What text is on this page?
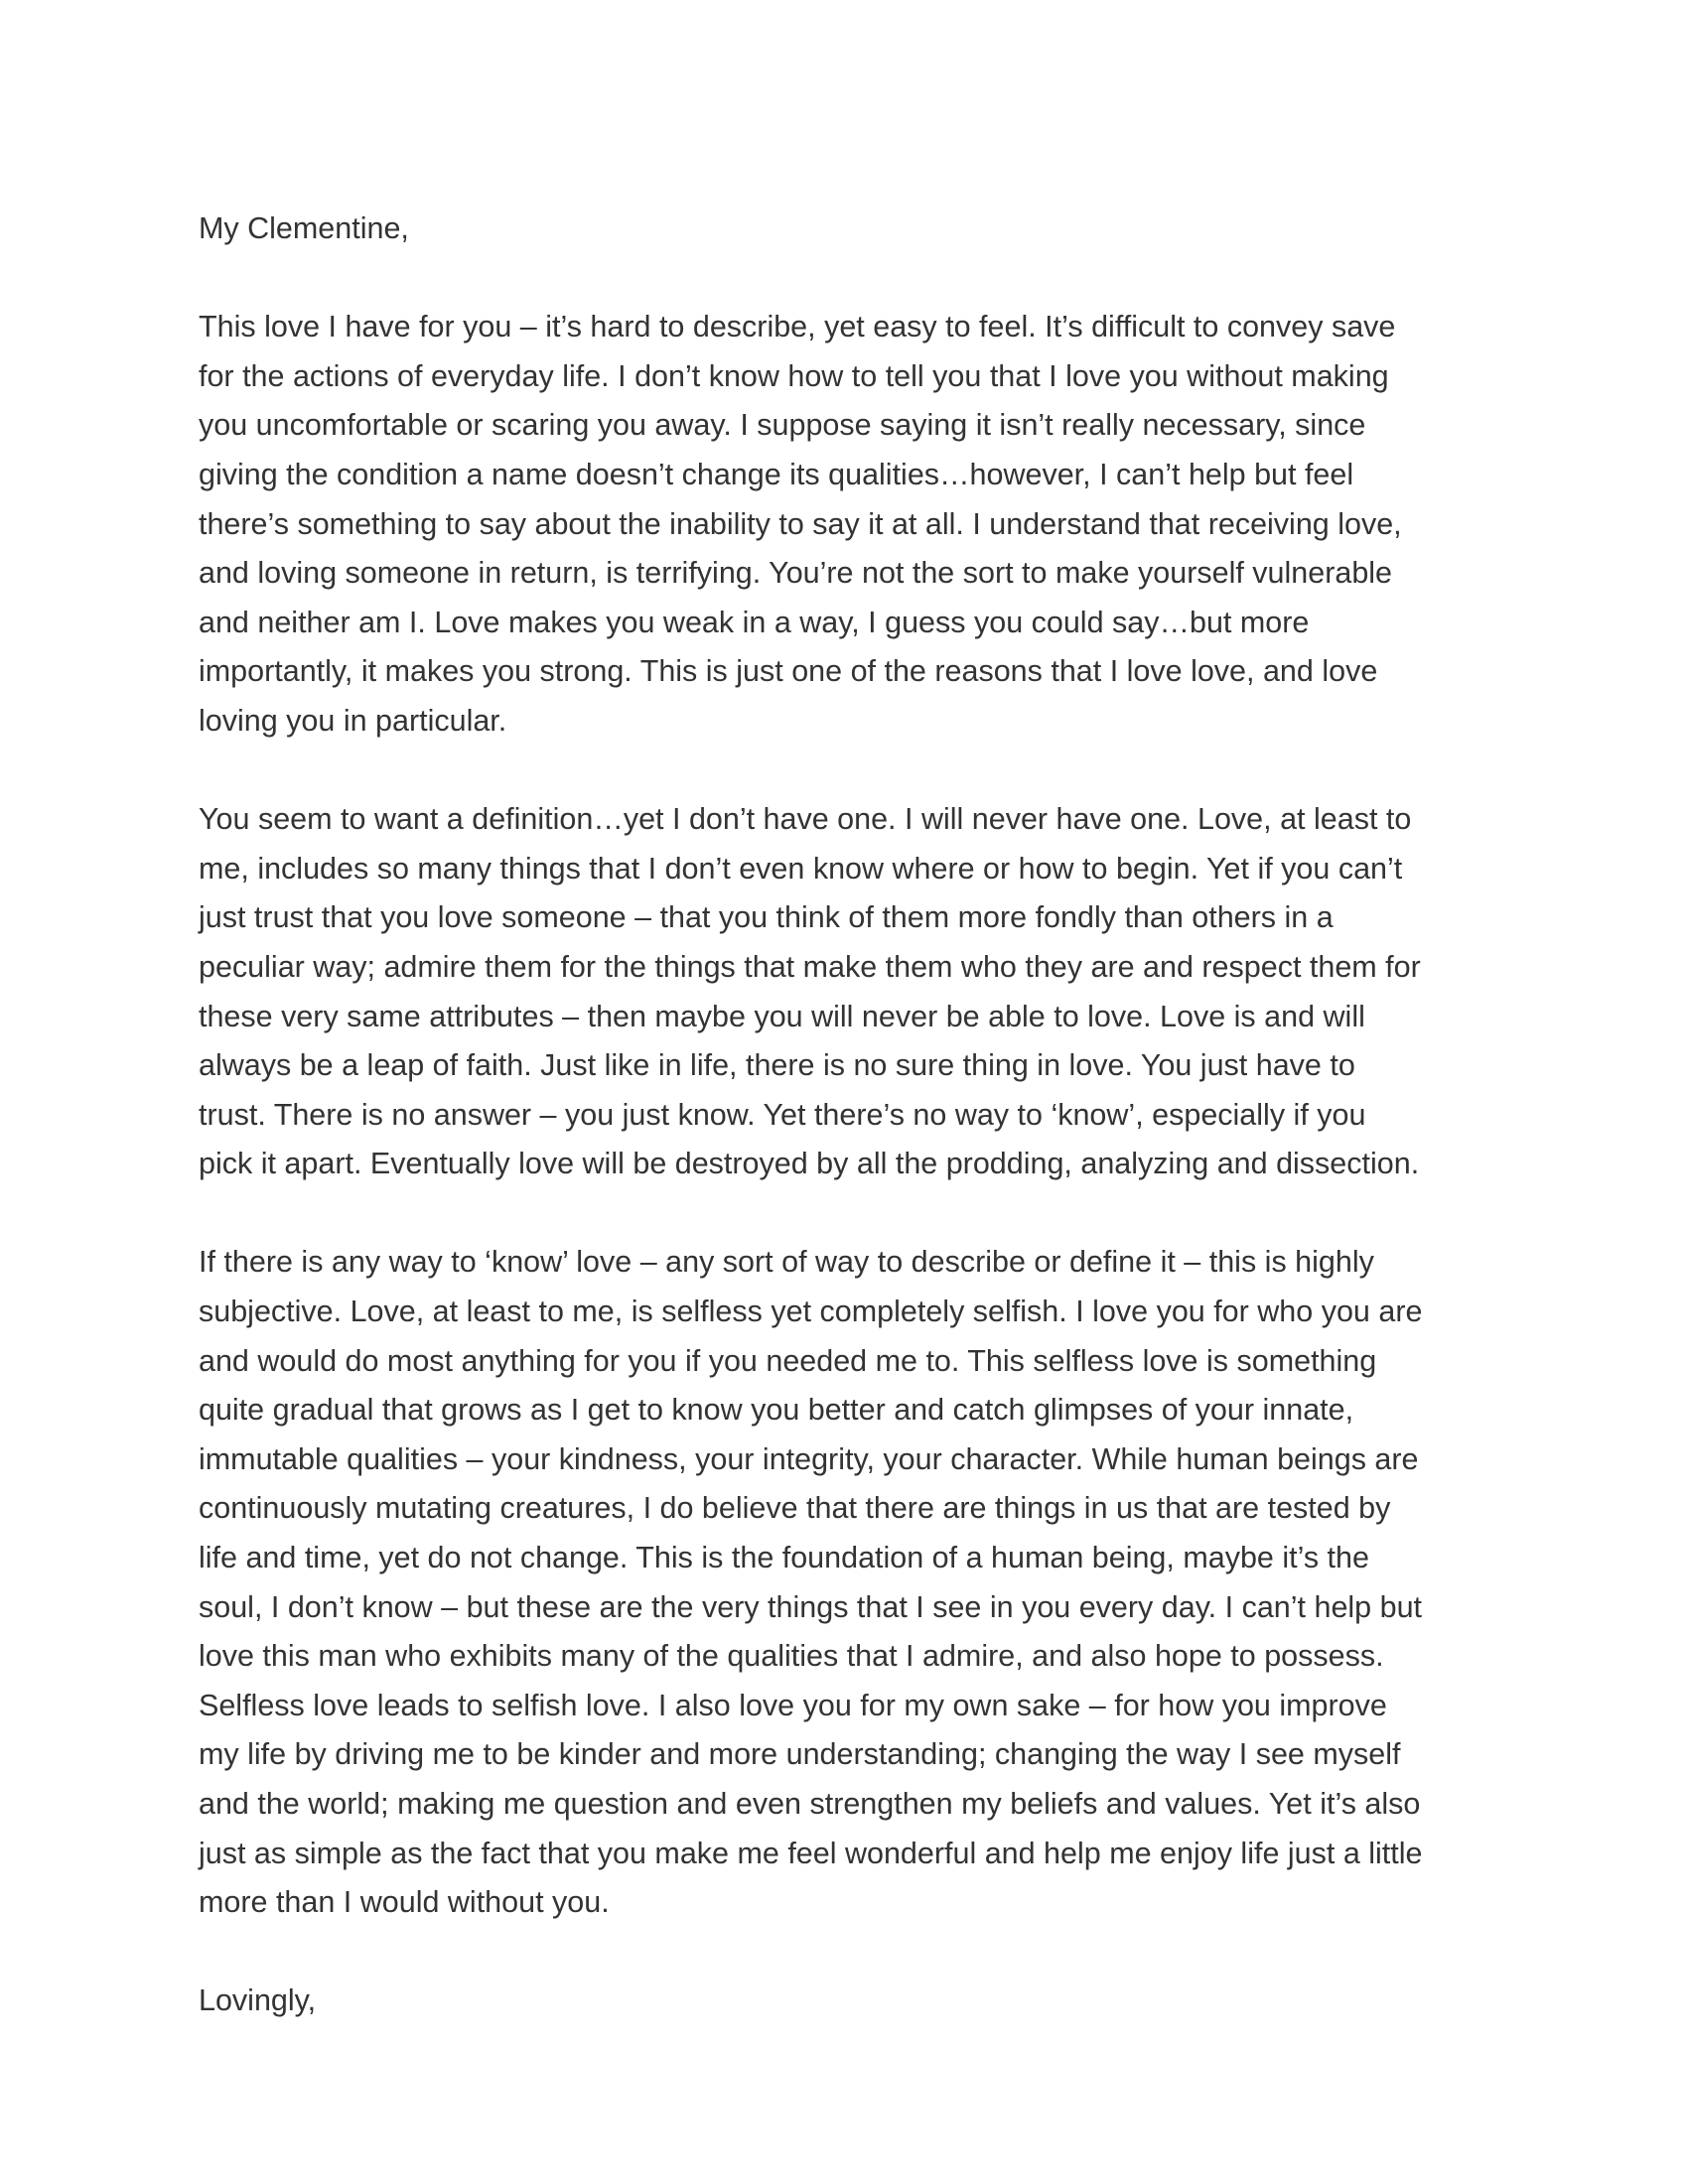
My Clementine,

This love I have for you – it’s hard to describe, yet easy to feel. It’s difficult to convey save
for the actions of everyday life. I don’t know how to tell you that I love you without making
you uncomfortable or scaring you away. I suppose saying it isn’t really necessary, since
giving the condition a name doesn’t change its qualities…however, I can’t help but feel
there’s something to say about the inability to say it at all. I understand that receiving love,
and loving someone in return, is terrifying. You’re not the sort to make yourself vulnerable
and neither am I. Love makes you weak in a way, I guess you could say…but more
importantly, it makes you strong. This is just one of the reasons that I love love, and love
loving you in particular.

You seem to want a definition…yet I don’t have one. I will never have one. Love, at least to
me, includes so many things that I don’t even know where or how to begin. Yet if you can’t
just trust that you love someone – that you think of them more fondly than others in a
peculiar way; admire them for the things that make them who they are and respect them for
these very same attributes – then maybe you will never be able to love. Love is and will
always be a leap of faith. Just like in life, there is no sure thing in love. You just have to
trust. There is no answer – you just know. Yet there’s no way to ‘know’, especially if you
pick it apart. Eventually love will be destroyed by all the prodding, analyzing and dissection.

If there is any way to ‘know’ love – any sort of way to describe or define it – this is highly
subjective. Love, at least to me, is selfless yet completely selfish. I love you for who you are
and would do most anything for you if you needed me to. This selfless love is something
quite gradual that grows as I get to know you better and catch glimpses of your innate,
immutable qualities – your kindness, your integrity, your character. While human beings are
continuously mutating creatures, I do believe that there are things in us that are tested by
life and time, yet do not change. This is the foundation of a human being, maybe it’s the
soul, I don’t know – but these are the very things that I see in you every day. I can’t help but
love this man who exhibits many of the qualities that I admire, and also hope to possess.
Selfless love leads to selfish love. I also love you for my own sake – for how you improve
my life by driving me to be kinder and more understanding; changing the way I see myself
and the world; making me question and even strengthen my beliefs and values. Yet it’s also
just as simple as the fact that you make me feel wonderful and help me enjoy life just a little
more than I would without you.

Lovingly,
